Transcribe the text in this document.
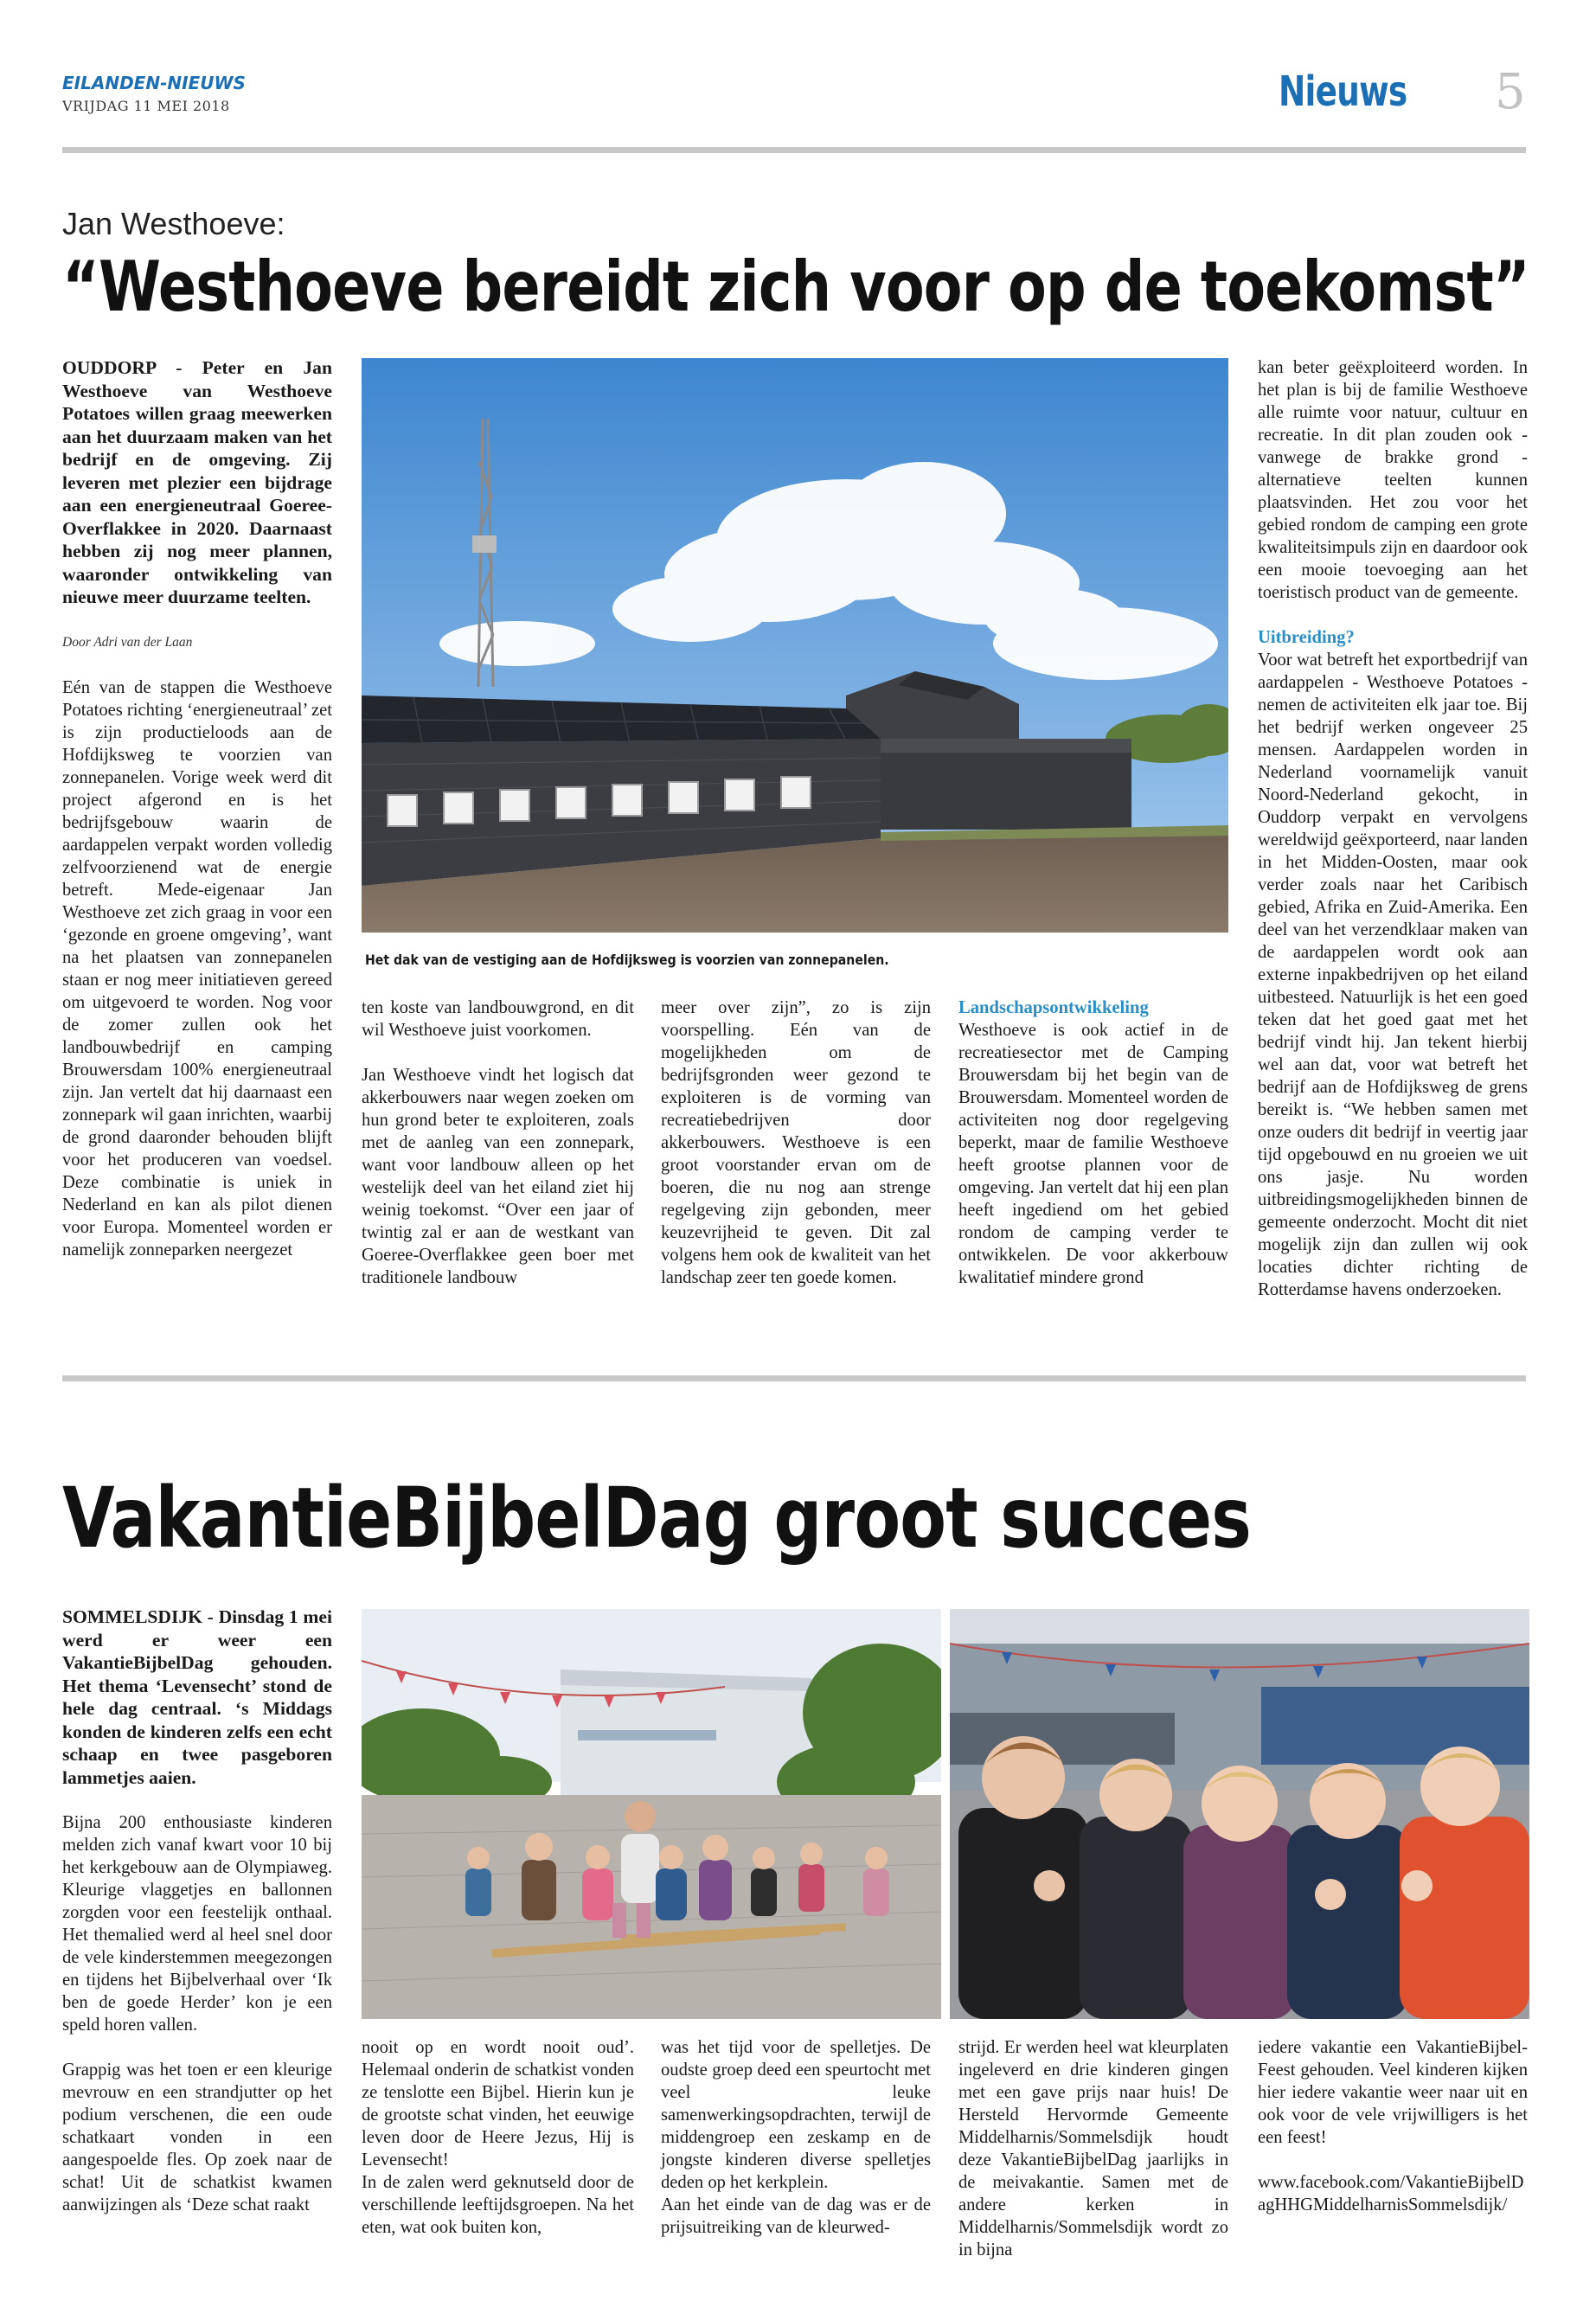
EILANDEN-NIEUWS
VRIJDAG 11 MEI 2018	Nieuws 5
Jan Westhoeve:
“Westhoeve bereidt zich voor op de toekomst”

OUDDORP - Peter en Jan Westhoeve van Westhoeve Potatoes willen graag meewerken aan het duurzaam maken van het bedrijf en de omgeving. Zij leveren met plezier een bijdrage aan een energieneutraal Goeree-Overflakkee in 2020. Daarnaast hebben zij nog meer plannen, waaronder ontwikkeling van nieuwe meer duurzame teelten.

Door Adri van der Laan

Eén van de stappen die Westhoeve Potatoes richting ‘energieneutraal’ zet is zijn productieloods aan de Hofdijksweg te voorzien van zonnepanelen. Vorige week werd dit project afgerond en is het bedrijfsgebouw waarin de aardappelen verpakt worden volledig zelfvoorzienend wat de energie betreft. Mede-eigenaar Jan Westhoeve zet zich graag in voor een ‘gezonde en groene omgeving’, want na het plaatsen van zonnepanelen staan er nog meer initiatieven gereed om uitgevoerd te worden. Nog voor de zomer zullen ook het landbouwbedrijf en camping Brouwersdam 100% energieneutraal zijn. Jan vertelt dat hij daarnaast een zonnepark wil gaan inrichten, waarbij de grond daaronder behouden blijft voor het produceren van voedsel. Deze combinatie is uniek in Nederland en kan als pilot dienen voor Europa. Momenteel worden er namelijk zonneparken neergezet

Het dak van de vestiging aan de Hofdijksweg is voorzien van zonnepanelen.

ten koste van landbouwgrond, en dit wil Westhoeve juist voorkomen.

Jan Westhoeve vindt het logisch dat akkerbouwers naar wegen zoeken om hun grond beter te exploiteren, zoals met de aanleg van een zonnepark, want voor landbouw alleen op het westelijk deel van het eiland ziet hij weinig toekomst. “Over een jaar of twintig zal er aan de westkant van Goeree-Overflakkee geen boer met traditionele landbouw

meer over zijn”, zo is zijn voorspelling. Eén van de mogelijkheden om de bedrijfsgronden weer gezond te exploiteren is de vorming van recreatiebedrijven door akkerbouwers. Westhoeve is een groot voorstander ervan om de boeren, die nu nog aan strenge regelgeving zijn gebonden, meer keuzevrijheid te geven. Dit zal volgens hem ook de kwaliteit van het landschap zeer ten goede komen.

Landschapsontwikkeling

Westhoeve is ook actief in de recreatiesector met de Camping Brouwersdam bij het begin van de Brouwersdam. Momenteel worden de activiteiten nog door regelgeving beperkt, maar de familie Westhoeve heeft grootse plannen voor de omgeving. Jan vertelt dat hij een plan heeft ingediend om het gebied rondom de camping verder te ontwikkelen. De voor akkerbouw kwalitatief mindere grond

kan beter geëxploiteerd worden. In het plan is bij de familie Westhoeve alle ruimte voor natuur, cultuur en recreatie. In dit plan zouden ook - vanwege de brakke grond - alternatieve teelten kunnen plaatsvinden. Het zou voor het gebied rondom de camping een grote kwaliteitsimpuls zijn en daardoor ook een mooie toevoeging aan het toeristisch product van de gemeente.

Uitbreiding?

Voor wat betreft het exportbedrijf van aardappelen - Westhoeve Potatoes - nemen de activiteiten elk jaar toe. Bij het bedrijf werken ongeveer 25 mensen. Aardappelen worden in Nederland voornamelijk vanuit Noord-Nederland gekocht, in Ouddorp verpakt en vervolgens wereldwijd geëxporteerd, naar landen in het Midden-Oosten, maar ook verder zoals naar het Caribisch gebied, Afrika en Zuid-Amerika. Een deel van het verzendklaar maken van de aardappelen wordt ook aan externe inpakbedrijven op het eiland uitbesteed. Natuurlijk is het een goed teken dat het goed gaat met het bedrijf vindt hij. Jan tekent hierbij wel aan dat, voor wat betreft het bedrijf aan de Hofdijksweg de grens bereikt is. “We hebben samen met onze ouders dit bedrijf in veertig jaar tijd opgebouwd en nu groeien we uit ons jasje. Nu worden uitbreidingsmogelijkheden binnen de gemeente onderzocht. Mocht dit niet mogelijk zijn dan zullen wij ook locaties dichter richting de Rotterdamse havens onderzoeken.

VakantieBijbelDag groot succes

SOMMELSDIJK - Dinsdag 1 mei werd er weer een VakantieBijbelDag gehouden. Het thema ‘Levensecht’ stond de hele dag centraal. ‘s Middags konden de kinderen zelfs een echt schaap en twee pasgeboren lammetjes aaien.

Bijna 200 enthousiaste kinderen melden zich vanaf kwart voor 10 bij het kerkgebouw aan de Olympiaweg. Kleurige vlaggetjes en ballonnen zorgden voor een feestelijk onthaal. Het themalied werd al heel snel door de vele kinderstemmen meegezongen en tijdens het Bijbelverhaal over ‘Ik ben de goede Herder’ kon je een speld horen vallen.

Grappig was het toen er een kleurige mevrouw en een strandjutter op het podium verschenen, die een oude schatkaart vonden in een aangespoelde fles. Op zoek naar de schat! Uit de schatkist kwamen aanwijzingen als ‘Deze schat raakt

nooit op en wordt nooit oud’. Helemaal onderin de schatkist vonden ze tenslotte een Bijbel. Hierin kun je de grootste schat vinden, het eeuwige leven door de Heere Jezus, Hij is Levensecht!

In de zalen werd geknutseld door de verschillende leeftijdsgroepen. Na het eten, wat ook buiten kon,

was het tijd voor de spelletjes. De oudste groep deed een speurtocht met veel leuke samenwerkingsopdrachten, terwijl de middengroep een zeskamp en de jongste kinderen diverse spelletjes deden op het kerkplein.
Aan het einde van de dag was er de prijsuitreiking van de kleurwed-

strijd. Er werden heel wat kleurplaten ingeleverd en drie kinderen gingen met een gave prijs naar huis! De Hersteld Hervormde Gemeente Middelharnis/Sommelsdijk houdt deze VakantieBijbelDag jaarlijks in de meivakantie. Samen met de andere kerken in Middelharnis/Sommelsdijk wordt zo in bijna

iedere vakantie een VakantieBijbel-Feest gehouden. Veel kinderen kijken hier iedere vakantie weer naar uit en ook voor de vele vrijwilligers is het een feest!

www.facebook.com/VakantieBijbelDagHHGMiddelharnisSommelsdijk/
